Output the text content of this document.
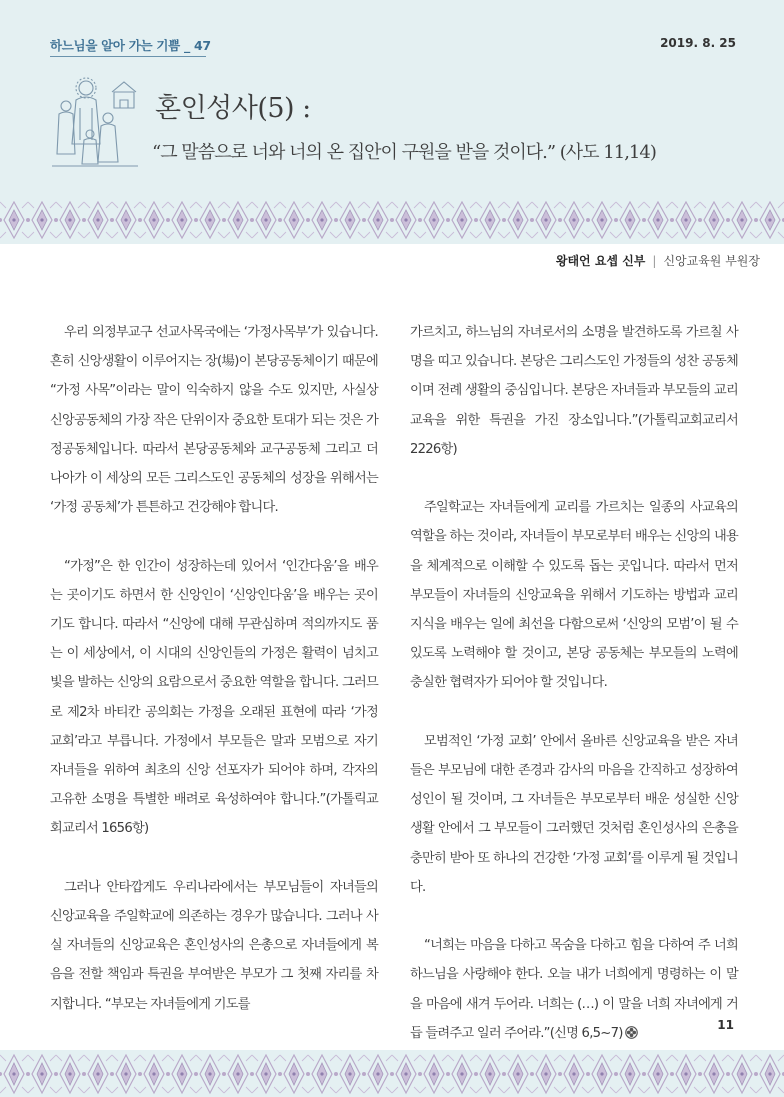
하느님을 알아 가는 기쁨 _ 47	2019. 8. 25
혼인성사(5) :
“그 말씀으로 너와 너의 온 집안이 구원을 받을 것이다.” (사도 11,14)
왕태언 요셉 신부 | 신앙교육원 부원장

우리 의정부교구 선교사목국에는 ‘가정사목부’가 있습니다. 흔히 신앙생활이 이루어지는 장(場)이 본당공동체이기 때문에 “가정 사목”이라는 말이 익숙하지 않을 수도 있지만, 사실상 신앙공동체의 가장 작은 단위이자 중요한 토대가 되는 것은 가정공동체입니다. 따라서 본당공동체와 교구공동체 그리고 더 나아가 이 세상의 모든 그리스도인 공동체의 성장을 위해서는 ‘가정 공동체’가 튼튼하고 건강해야 합니다.

“가정”은 한 인간이 성장하는데 있어서 ‘인간다움’을 배우는 곳이기도 하면서 한 신앙인이 ‘신앙인다움’을 배우는 곳이기도 합니다. 따라서 “신앙에 대해 무관심하며 적의까지도 품는 이 세상에서, 이 시대의 신앙인들의 가정은 활력이 넘치고 빛을 발하는 신앙의 요람으로서 중요한 역할을 합니다. 그러므로 제2차 바티칸 공의회는 가정을 오래된 표현에 따라 ‘가정 교회’라고 부릅니다. 가정에서 부모들은 말과 모범으로 자기 자녀들을 위하여 최초의 신앙 선포자가 되어야 하며, 각자의 고유한 소명을 특별한 배려로 육성하여야 합니다.”(가톨릭교회교리서 1656항)

그러나 안타깝게도 우리나라에서는 부모님들이 자녀들의 신앙교육을 주일학교에 의존하는 경우가 많습니다. 그러나 사실 자녀들의 신앙교육은 혼인성사의 은총으로 자녀들에게 복음을 전할 책임과 특권을 부여받은 부모가 그 첫째 자리를 차지합니다. “부모는 자녀들에게 기도를

가르치고, 하느님의 자녀로서의 소명을 발견하도록 가르칠 사명을 띠고 있습니다. 본당은 그리스도인 가정들의 성찬 공동체이며 전례 생활의 중심입니다. 본당은 자녀들과 부모들의 교리교육을 위한 특권을 가진 장소입니다.”(가톨릭교회교리서 2226항)

주일학교는 자녀들에게 교리를 가르치는 일종의 사교육의 역할을 하는 것이라, 자녀들이 부모로부터 배우는 신앙의 내용을 체계적으로 이해할 수 있도록 돕는 곳입니다. 따라서 먼저 부모들이 자녀들의 신앙교육을 위해서 기도하는 방법과 교리지식을 배우는 일에 최선을 다함으로써 ‘신앙의 모범’이 될 수 있도록 노력해야 할 것이고, 본당 공동체는 부모들의 노력에 충실한 협력자가 되어야 할 것입니다.

모범적인 ‘가정 교회’ 안에서 올바른 신앙교육을 받은 자녀들은 부모님에 대한 존경과 감사의 마음을 간직하고 성장하여 성인이 될 것이며, 그 자녀들은 부모로부터 배운 성실한 신앙생활 안에서 그 부모들이 그러했던 것처럼 혼인성사의 은총을 충만히 받아 또 하나의 건강한 ‘가정 교회’를 이루게 될 것입니다.

“너희는 마음을 다하고 목숨을 다하고 힘을 다하여 주 너희 하느님을 사랑해야 한다. 오늘 내가 너희에게 명령하는 이 말을 마음에 새겨 두어라. 너희는 (…) 이 말을 너희 자녀에게 거듭 들려주고 일러 주어라.”(신명 6,5~7)

11
